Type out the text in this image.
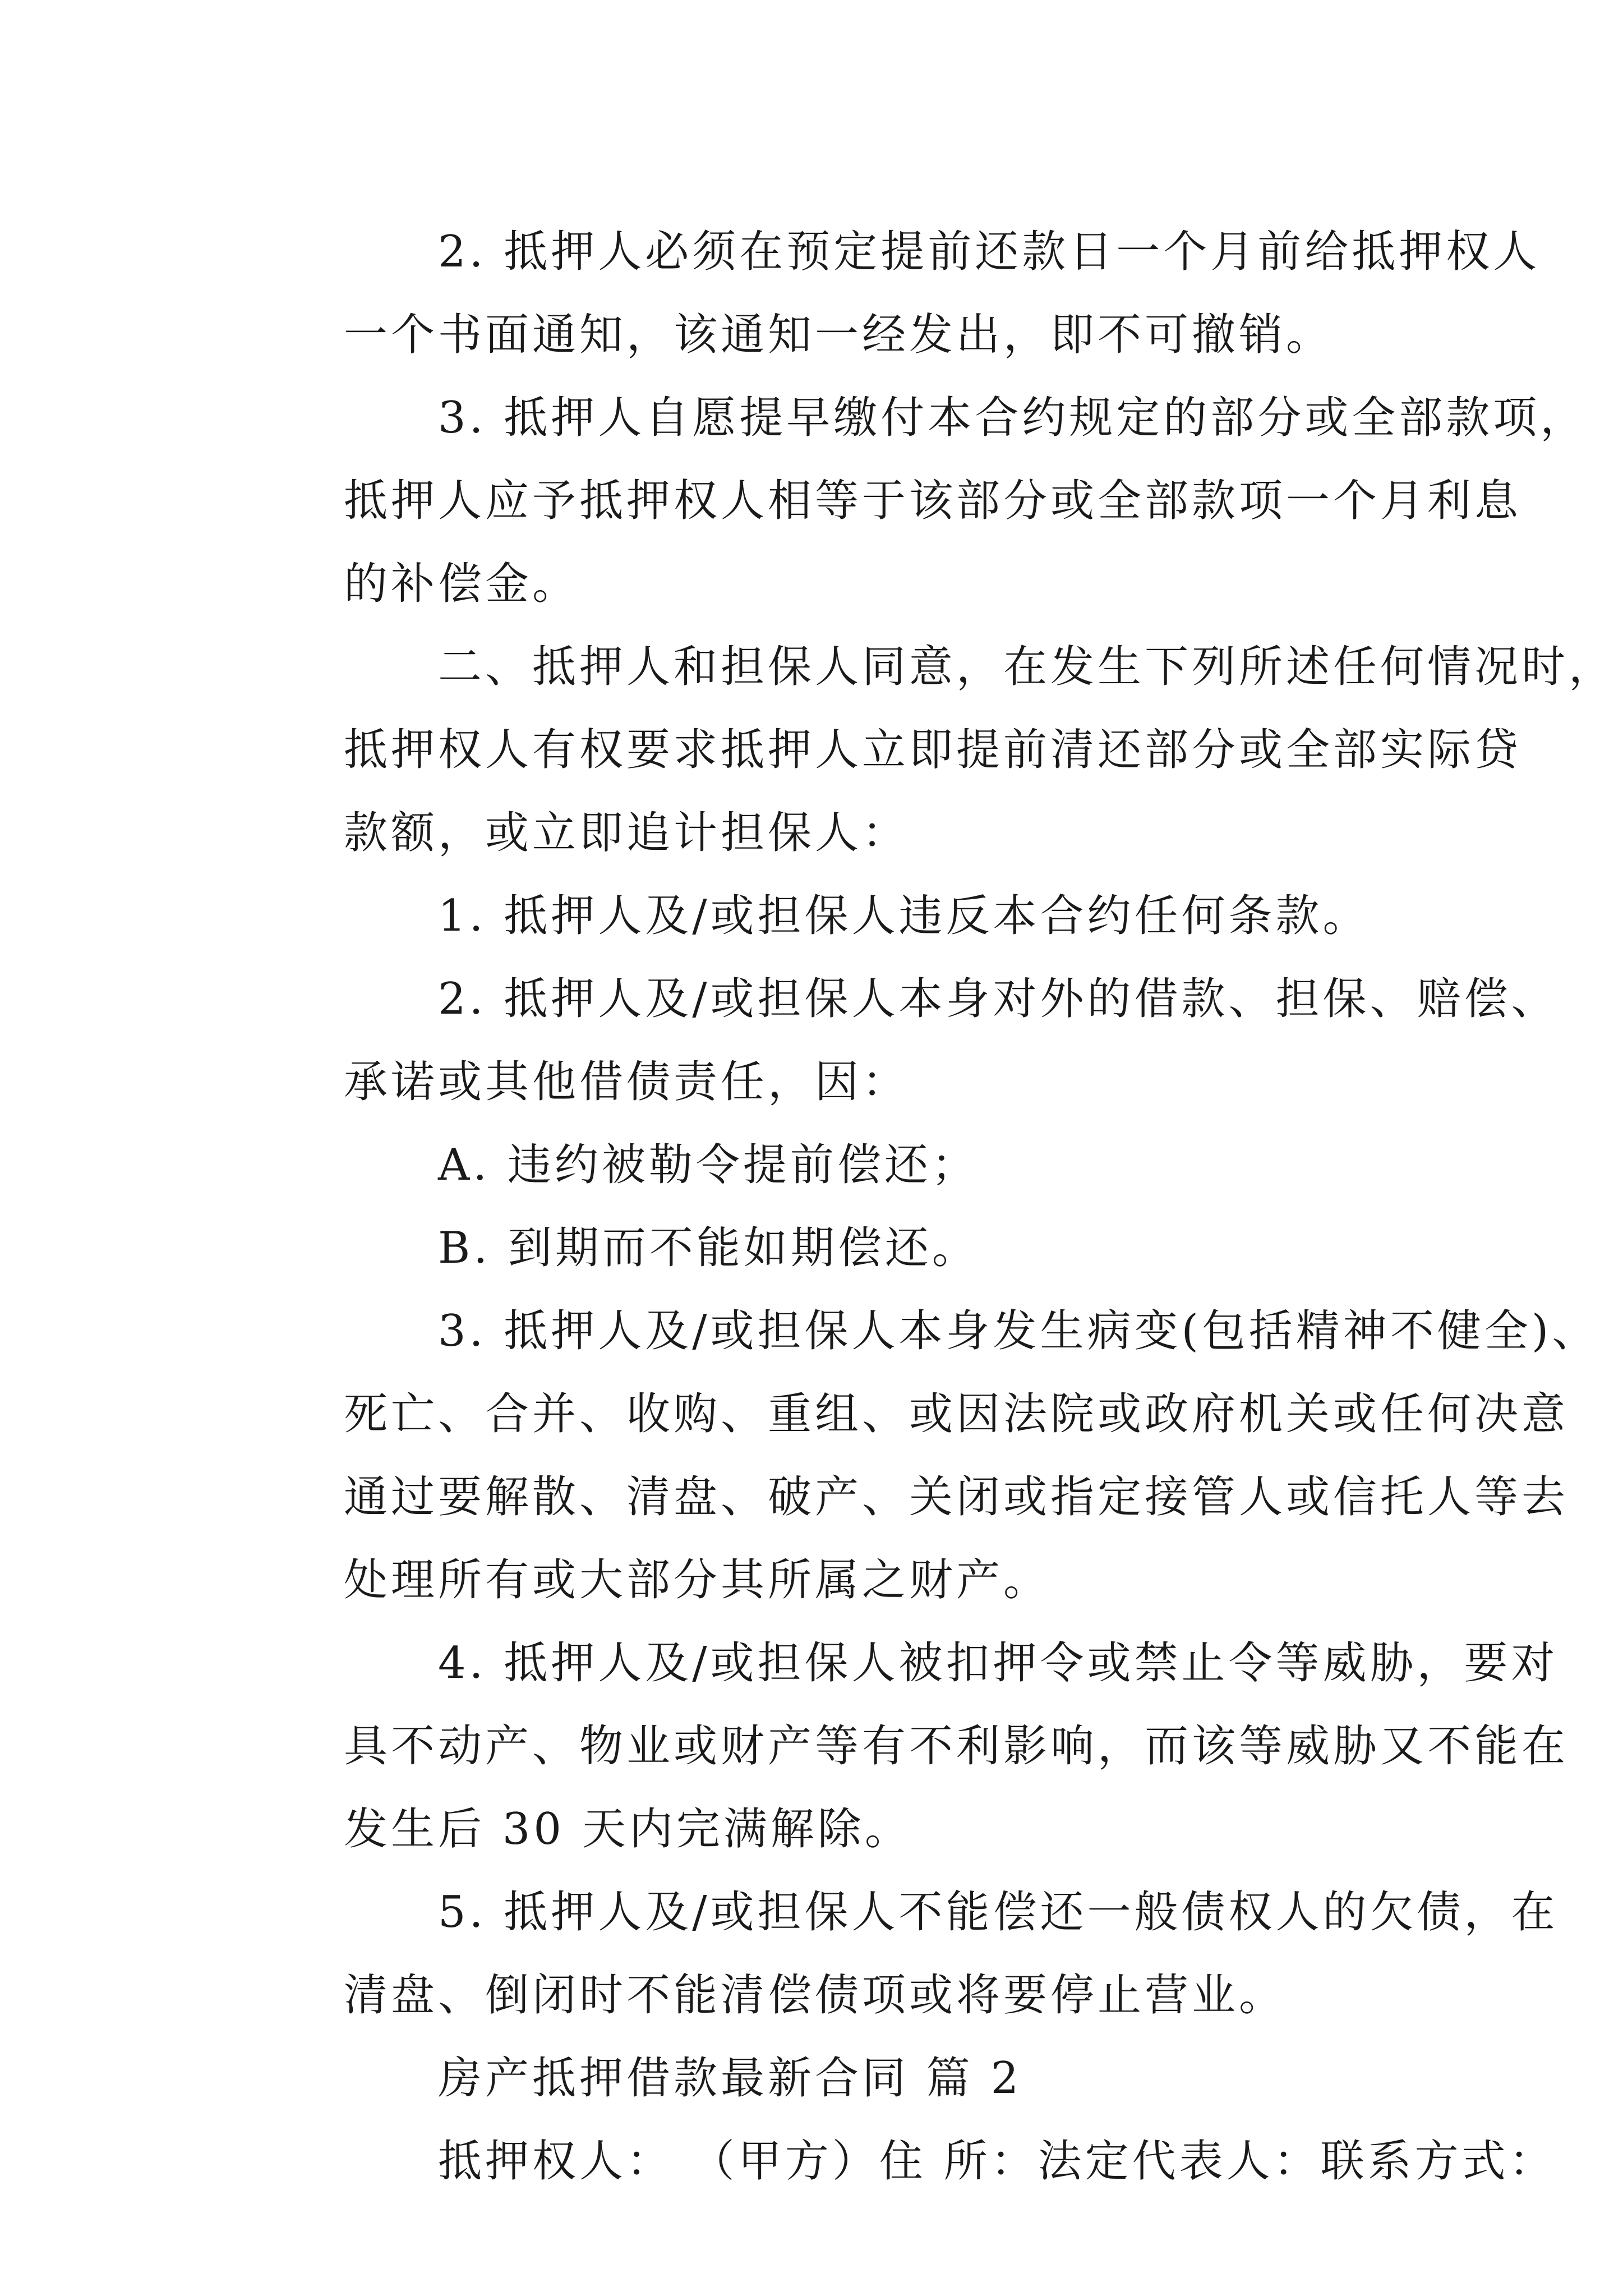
2. 抵押人必须在预定提前还款日一个月前给抵押权人
一个书面通知，该通知一经发出，即不可撤销。
3. 抵押人自愿提早缴付本合约规定的部分或全部款项，
抵押人应予抵押权人相等于该部分或全部款项一个月利息
的补偿金。
二、抵押人和担保人同意，在发生下列所述任何情况时，
抵押权人有权要求抵押人立即提前清还部分或全部实际贷
款额，或立即追计担保人：
1. 抵押人及/或担保人违反本合约任何条款。
2. 抵押人及/或担保人本身对外的借款、担保、赔偿、
承诺或其他借债责任，因：
A. 违约被勒令提前偿还；
B. 到期而不能如期偿还。
3. 抵押人及/或担保人本身发生病变(包括精神不健全)、
死亡、合并、收购、重组、或因法院或政府机关或任何决意
通过要解散、清盘、破产、关闭或指定接管人或信托人等去
处理所有或大部分其所属之财产。
4. 抵押人及/或担保人被扣押令或禁止令等威胁，要对
具不动产、物业或财产等有不利影响，而该等威胁又不能在
发生后 30 天内完满解除。
5. 抵押人及/或担保人不能偿还一般债权人的欠债，在
清盘、倒闭时不能清偿债项或将要停止营业。
房产抵押借款最新合同 篇 2
抵押权人： （甲方）住 所：法定代表人：联系方式：
